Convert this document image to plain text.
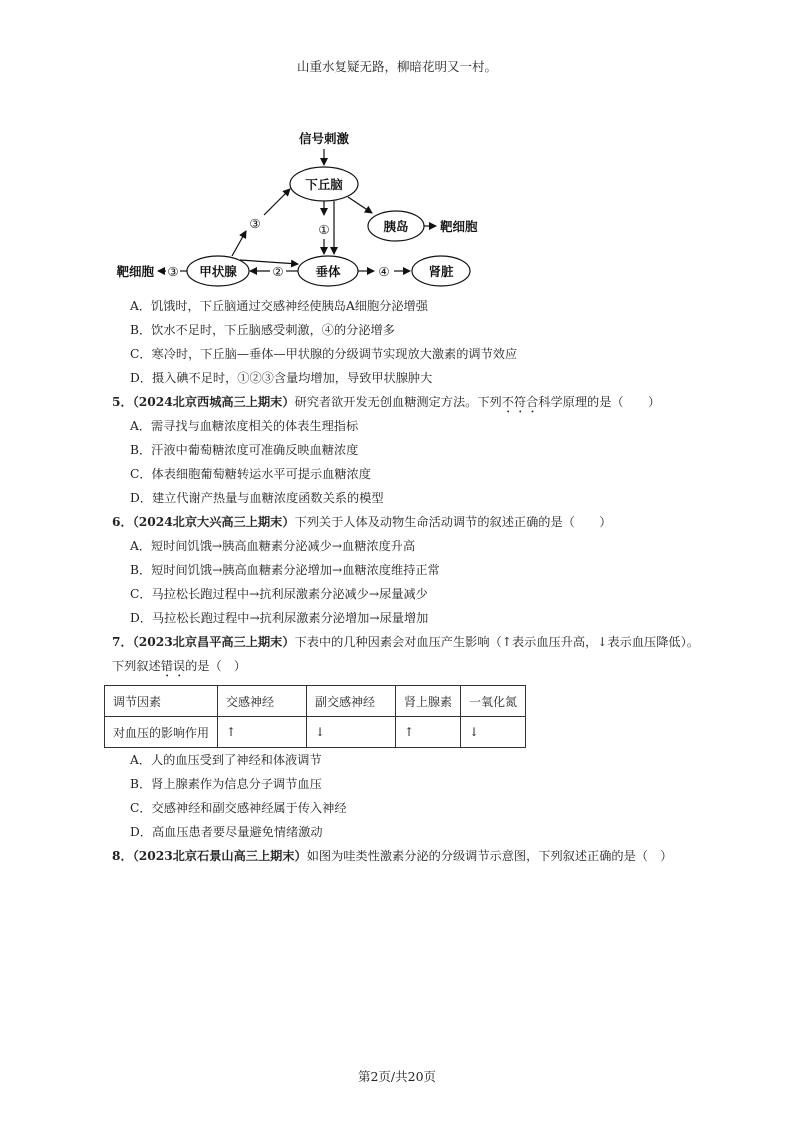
山重水复疑无路，柳暗花明又一村。
信号刺激
下丘脑
胰岛	靶细胞
垂体
①
甲状腺	②
③
③
靶细胞	④	肾脏
A．饥饿时，下丘脑通过交感神经使胰岛A细胞分泌增强
B．饮水不足时，下丘脑感受刺激，④的分泌增多
C．寒冷时，下丘脑—垂体—甲状腺的分级调节实现放大激素的调节效应
D．摄入碘不足时，①②③含量均增加，导致甲状腺肿大
5．（2024北京西城高三上期末）研究者欲开发无创血糖测定方法。下列不符合科学原理的是（　　）
A．需寻找与血糖浓度相关的体表生理指标
B．汗液中葡萄糖浓度可准确反映血糖浓度
C．体表细胞葡萄糖转运水平可提示血糖浓度
D．建立代谢产热量与血糖浓度函数关系的模型
6．（2024北京大兴高三上期末）下列关于人体及动物生命活动调节的叙述正确的是（　　）
A．短时间饥饿→胰高血糖素分泌减少→血糖浓度升高
B．短时间饥饿→胰高血糖素分泌增加→血糖浓度维持正常
C．马拉松长跑过程中→抗利尿激素分泌减少→尿量减少
D．马拉松长跑过程中→抗利尿激素分泌增加→尿量增加
7．（2023北京昌平高三上期末）下表中的几种因素会对血压产生影响（↑表示血压升高，↓表示血压降低）。
下列叙述错误的是（　）
调节因素	交感神经	副交感神经	肾上腺素	一氧化氮
对血压的影响作用	↑	↓	↑	↓
A．人的血压受到了神经和体液调节
B．肾上腺素作为信息分子调节血压
C．交感神经和副交感神经属于传入神经
D．高血压患者要尽量避免情绪激动
8．（2023北京石景山高三上期末）如图为哇类性激素分泌的分级调节示意图，下列叙述正确的是（　）
第2页/共20页
